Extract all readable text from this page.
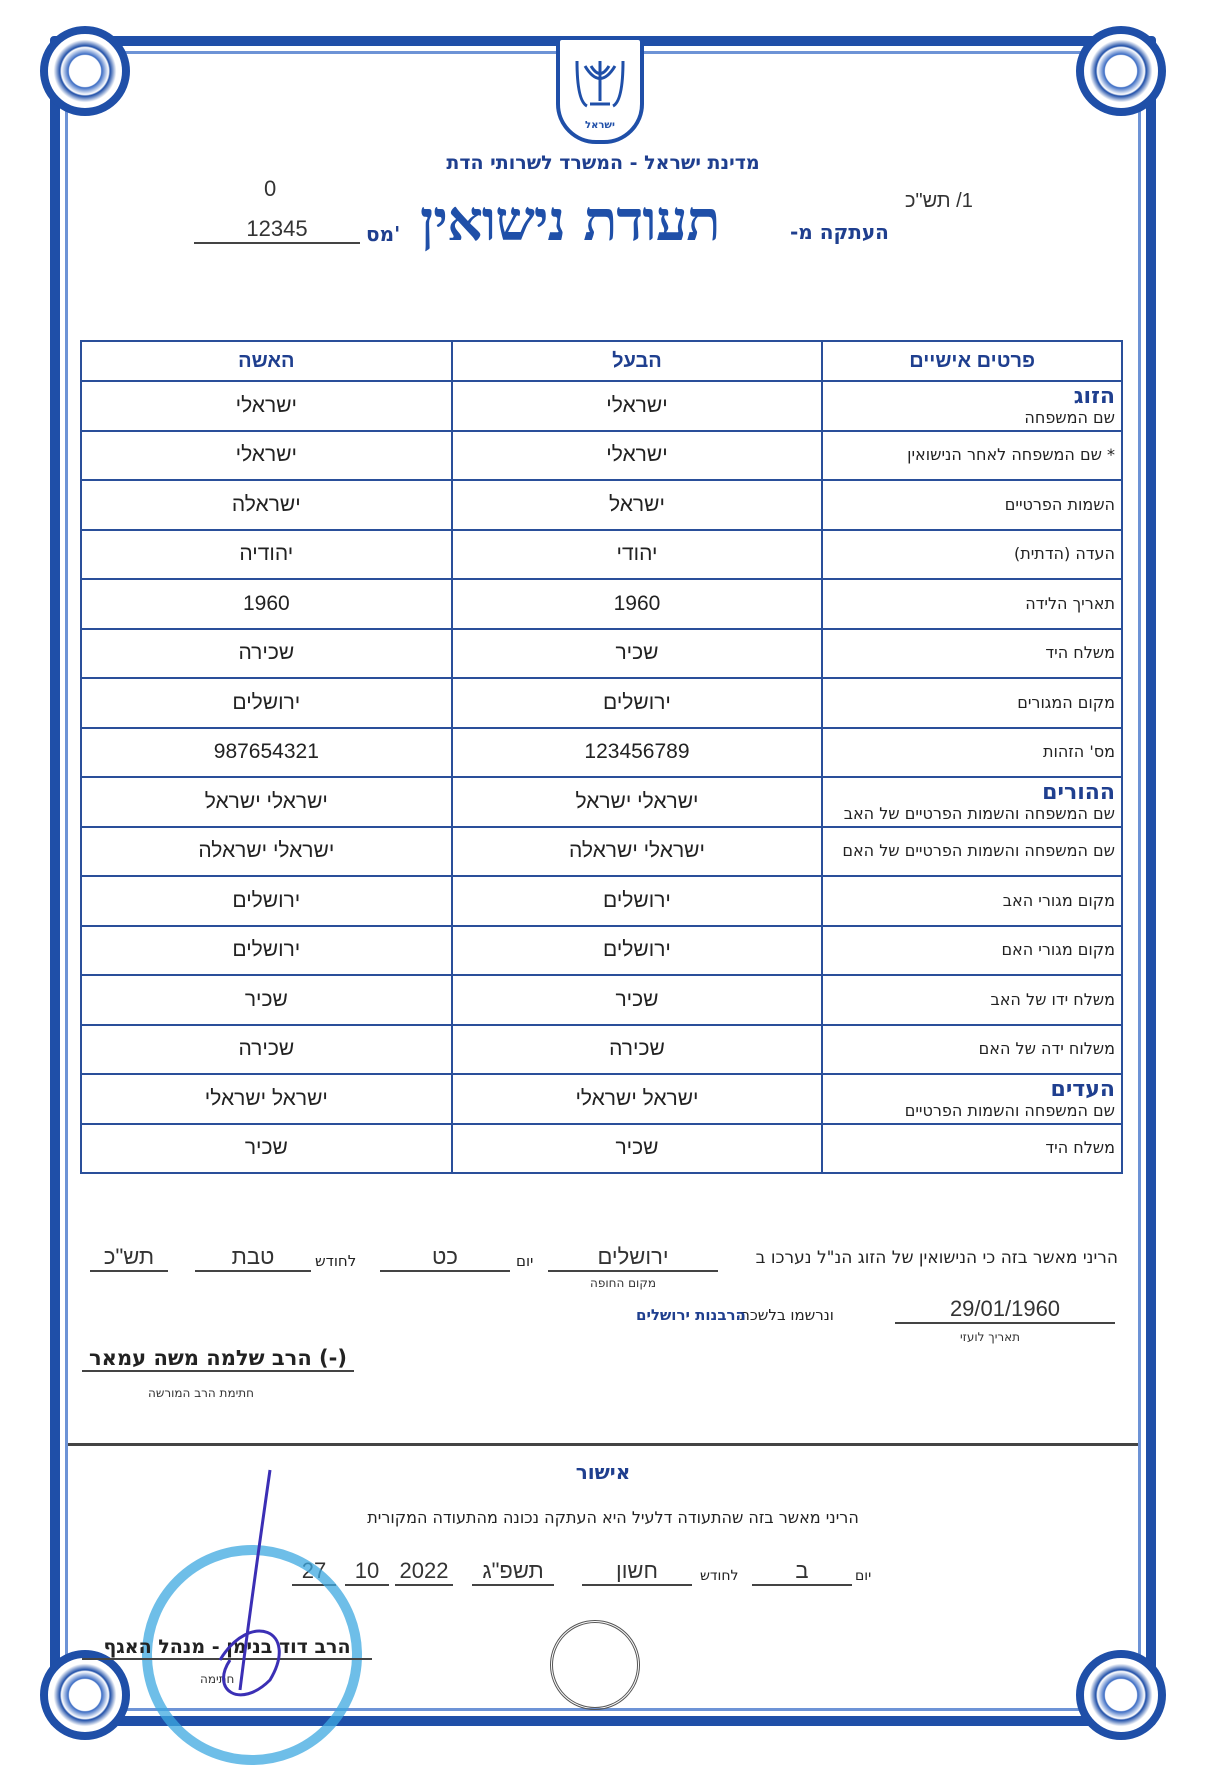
ישראל
מדינת ישראל - המשרד לשרותי הדת
0
12345	מס' תעודת נישואין	העתקה מ-
1/ תש"כ
פרטים אישיים	הבעל	האשה

הזוג
שם המשפחה	ישראלי	ישראלי
* שם המשפחה לאחר הנישואין	ישראלי	ישראלי
השמות הפרטיים	ישראל	ישראלה
העדה (הדתית)	יהודי	יהודיה
תאריך הלידה	1960	1960
משלח היד	שכיר	שכירה
מקום המגורים	ירושלים	ירושלים
מס' הזהות	123456789	987654321

ההורים
שם המשפחה והשמות הפרטיים של האב	ישראלי ישראל	ישראלי ישראל
שם המשפחה והשמות הפרטיים של האם	ישראלי ישראלה	ישראלי ישראלה
מקום מגורי האב	ירושלים	ירושלים
מקום מגורי האם	ירושלים	ירושלים
משלח ידו של האב	שכיר	שכיר
משלוח ידה של האם	שכירה	שכירה

העדים
שם המשפחה והשמות הפרטיים	ישראל ישראלי	ישראל ישראלי
משלח היד	שכיר	שכיר
הריני מאשר בזה כי הנישואין של הזוג הנ"ל נערכו ב
ירושלים
מקום החופה
יום
כט
לחודש
טבת
תש"כ
29/01/1960
תאריך לועזי
ונרשמו בלשכת
הרבנות ירושלים
(-) הרב שלמה משה עמאר
חתימת הרב המורשה
אישור
הריני מאשר בזה שהתעודה דלעיל היא העתקה נכונה מהתעודה המקורית
יום
ב
לחודש
חשון
תשפ"ג
2022
10
27
הרב דוד בנימן - מנהל האגף
חתימה
